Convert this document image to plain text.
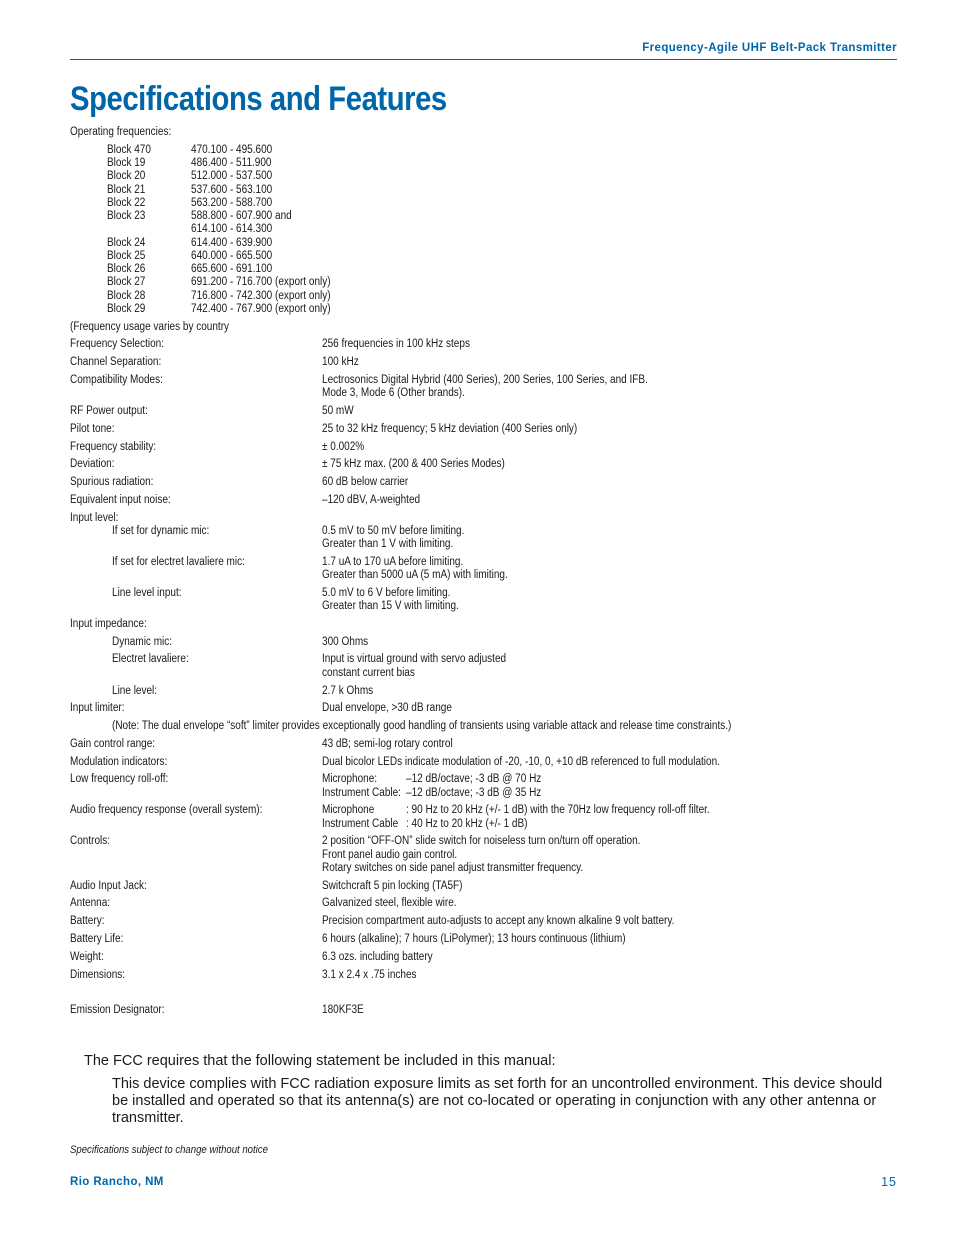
Frequency-Agile UHF Belt-Pack Transmitter
Specifications and Features
Operating frequencies:
Block 470	470.100 - 495.600
Block 19	486.400 - 511.900
Block 20	512.000 - 537.500
Block 21	537.600 - 563.100
Block 22	563.200 - 588.700
Block 23	588.800 - 607.900 and
614.100 - 614.300
Block 24	614.400 - 639.900
Block 25	640.000 - 665.500
Block 26	665.600 - 691.100
Block 27	691.200 - 716.700 (export only)
Block 28	716.800 - 742.300 (export only)
Block 29	742.400 - 767.900 (export only)
(Frequency usage varies by country
Frequency Selection:	256 frequencies in 100 kHz steps
Channel Separation:	100 kHz
Compatibility Modes:	Lectrosonics Digital Hybrid (400 Series), 200 Series, 100 Series, and IFB.
Mode 3, Mode 6 (Other brands).
RF Power output:	50 mW
Pilot tone:	25 to 32 kHz frequency; 5 kHz deviation (400 Series only)
Frequency stability:	± 0.002%
Deviation:	± 75 kHz max. (200 & 400 Series Modes)
Spurious radiation:	60 dB below carrier
Equivalent input noise:	–120 dBV, A-weighted
Input level:
If set for dynamic mic:	0.5 mV to 50 mV before limiting.
Greater than 1 V with limiting.
If set for electret lavaliere mic:	1.7 uA to 170 uA before limiting.
Greater than 5000 uA (5 mA) with limiting.
Line level input:	5.0 mV to 6 V before limiting.
Greater than 15 V with limiting.
Input impedance:
Dynamic mic:	300 Ohms
Electret lavaliere:	Input is virtual ground with servo adjusted
constant current bias
Line level:	2.7 k Ohms
Input limiter:	Dual envelope, >30 dB range
(Note: The dual envelope “soft” limiter provides exceptionally good handling of transients using variable attack and release time constraints.)
Gain control range:	43 dB; semi-log rotary control
Modulation indicators:	Dual bicolor LEDs indicate modulation of -20, -10, 0, +10 dB referenced to full modulation.
Low frequency roll-off:	Microphone:	–12 dB/octave; -3 dB @ 70 Hz
Instrument Cable: –12 dB/octave; -3 dB @ 35 Hz
Audio frequency response (overall system):	Microphone	: 90 Hz to 20 kHz (+/- 1 dB) with the 70Hz low frequency roll-off filter.
Instrument Cable : 40 Hz to 20 kHz (+/- 1 dB)
Controls:	2 position “OFF-ON” slide switch for noiseless turn on/turn off operation.
Front panel audio gain control.
Rotary switches on side panel adjust transmitter frequency.
Audio Input Jack:	Switchcraft 5 pin locking (TA5F)
Antenna:	Galvanized steel, flexible wire.
Battery:	Precision compartment auto-adjusts to accept any known alkaline 9 volt battery.
Battery Life:	6 hours (alkaline); 7 hours (LiPolymer); 13 hours continuous (lithium)
Weight:	6.3 ozs. including battery
Dimensions:	3.1 x 2.4 x .75 inches
Emission Designator:	180KF3E
The FCC requires that the following statement be included in this manual:
This device complies with FCC radiation exposure limits as set forth for an uncontrolled environment. This device should be installed and operated so that its antenna(s) are not co-located or operating in conjunction with any other antenna or transmitter.
Specifications subject to change without notice
Rio Rancho, NM	15
